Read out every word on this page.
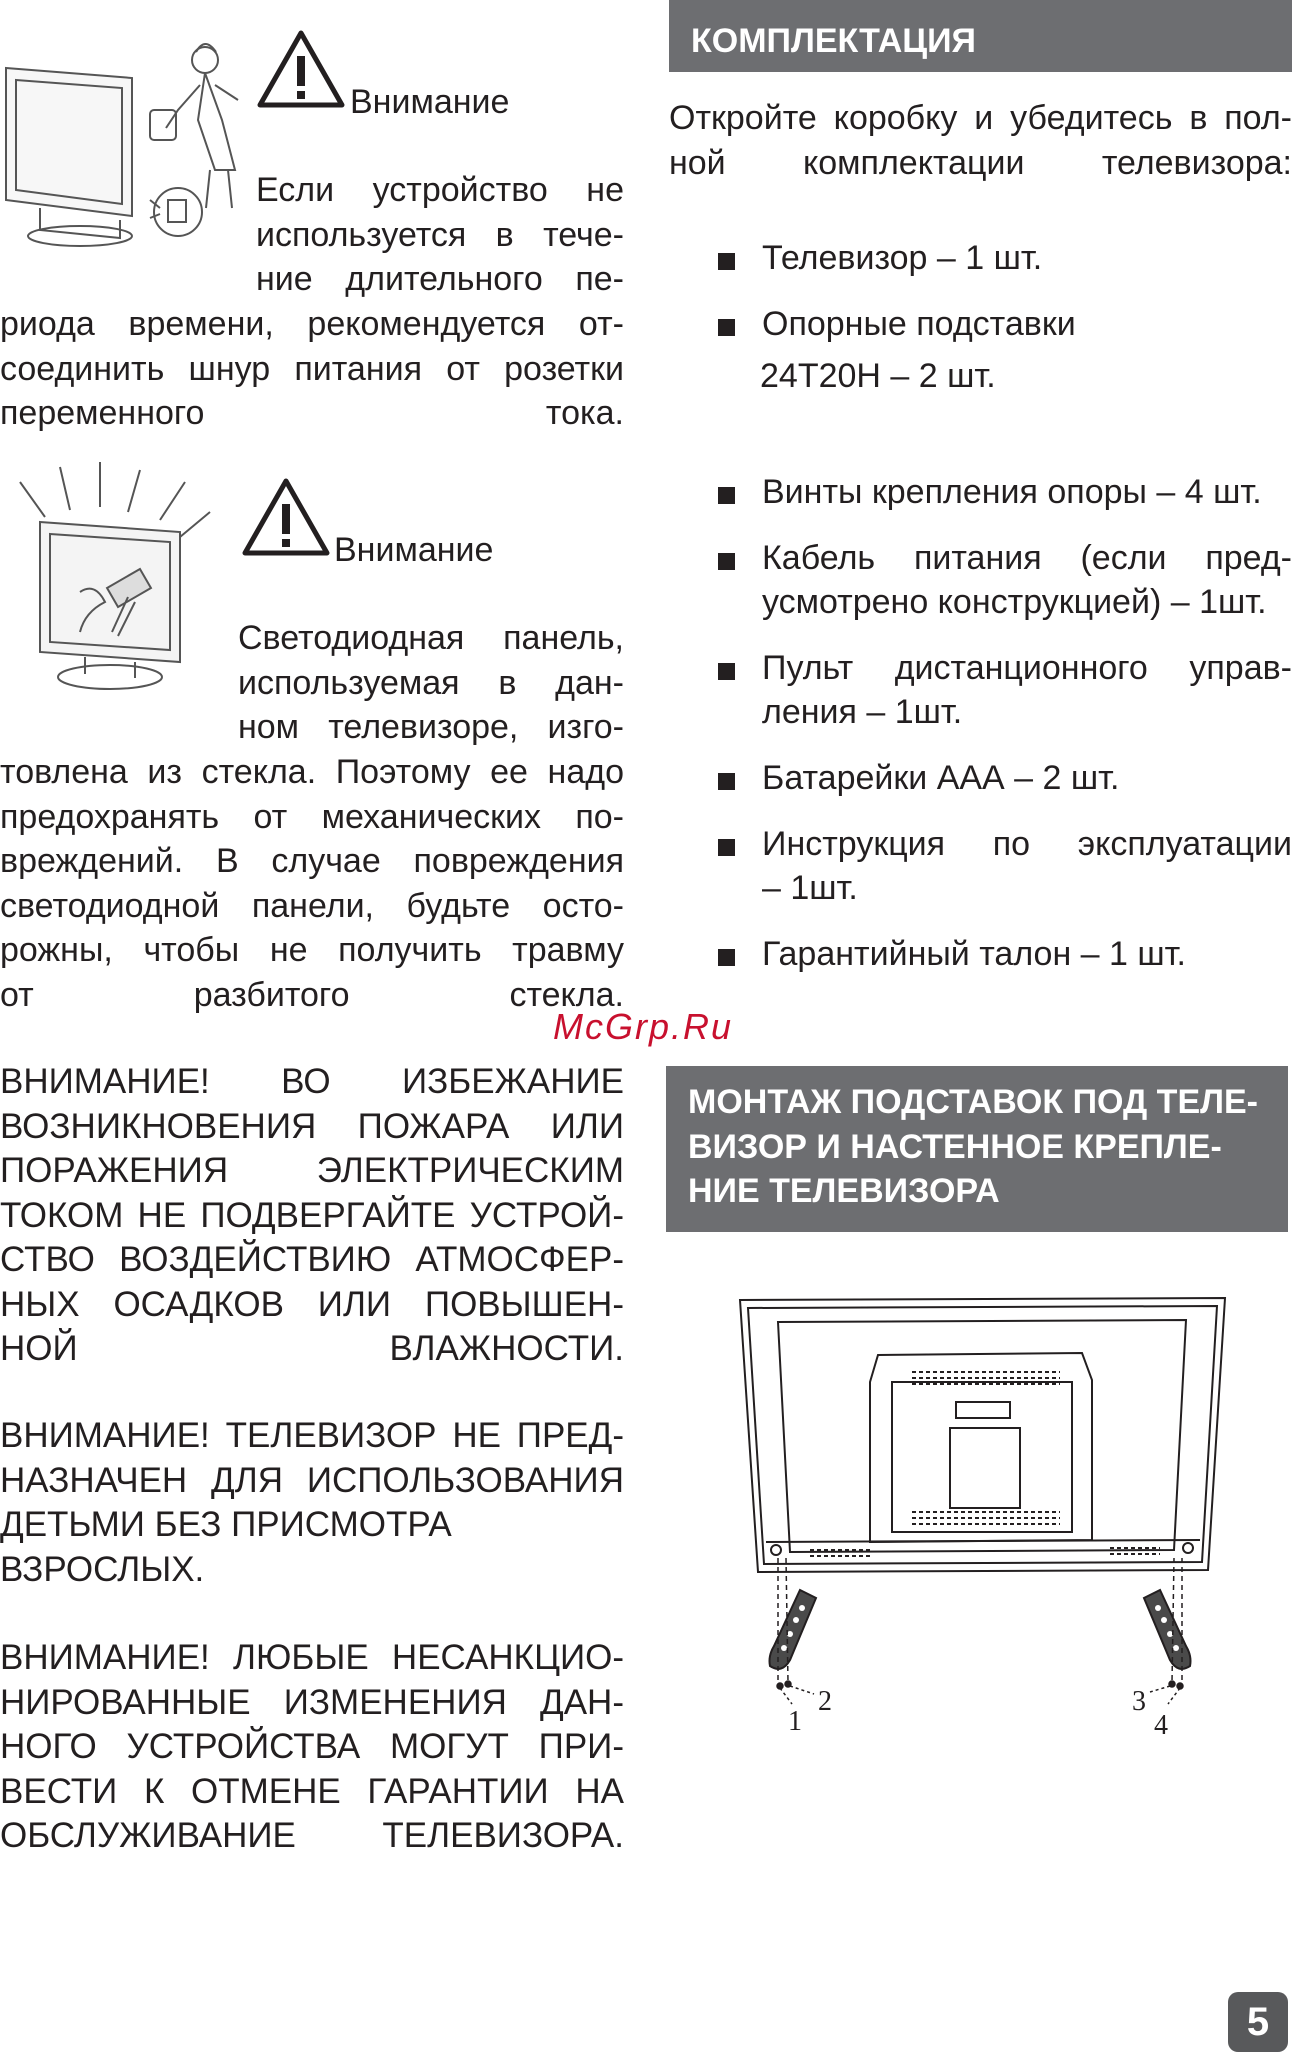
Внимание
Если устройство не
используется в тече-
ние длительного пе-
риода времени, рекомендуется от-
соединить шнур питания от розетки
переменного тока.
Внимание
Светодиодная панель,
используемая в дан-
ном телевизоре, изго-
товлена из стекла. Поэтому ее надо
предохранять от механических по-
вреждений. В случае повреждения
светодиодной панели, будьте осто-
рожны, чтобы не получить травму
от разбитого стекла.
ВНИМАНИЕ! ВО ИЗБЕЖАНИЕ
ВОЗНИКНОВЕНИЯ ПОЖАРА ИЛИ
ПОРАЖЕНИЯ ЭЛЕКТРИЧЕСКИМ
ТОКОМ НЕ ПОДВЕРГАЙТЕ УСТРОЙ-
СТВО ВОЗДЕЙСТВИЮ АТМОСФЕР-
НЫХ ОСАДКОВ ИЛИ ПОВЫШЕН-
НОЙ ВЛАЖНОСТИ.
ВНИМАНИЕ! ТЕЛЕВИЗОР НЕ ПРЕД-
НАЗНАЧЕН ДЛЯ ИСПОЛЬЗОВАНИЯ
ДЕТЬМИ БЕЗ ПРИСМОТРА
ВЗРОСЛЫХ.
ВНИМАНИЕ! ЛЮБЫЕ НЕСАНКЦИО-
НИРОВАННЫЕ ИЗМЕНЕНИЯ ДАН-
НОГО УСТРОЙСТВА МОГУТ ПРИ-
ВЕСТИ К ОТМЕНЕ ГАРАНТИИ НА
ОБСЛУЖИВАНИЕ ТЕЛЕВИЗОРА.
КОМПЛЕКТАЦИЯ
Откройте коробку и убедитесь в пол-
ной комплектации телевизора:
Телевизор – 1 шт.
Опорные подставки
24T20H – 2 шт.
Винты крепления опоры – 4 шт.
Кабель питания (если пред-
усмотрено конструкцией) – 1шт.
Пульт дистанционного управ-
ления – 1шт.
Батарейки ААА – 2 шт.
Инструкция по эксплуатации
– 1шт.
Гарантийный талон – 1 шт.
McGrp.Ru
МОНТАЖ ПОДСТАВОК ПОД ТЕЛЕ-
ВИЗОР И НАСТЕННОЕ КРЕПЛЕ-
НИЕ ТЕЛЕВИЗОРА
1
2	3
4
5
